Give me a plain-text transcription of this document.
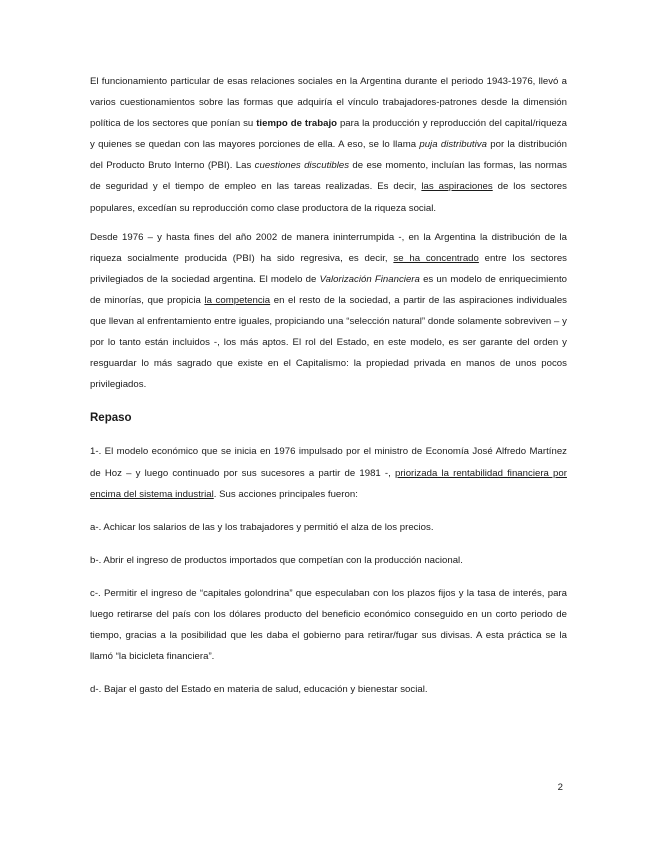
El funcionamiento particular de esas relaciones sociales en la Argentina durante el periodo 1943-1976, llevó a varios cuestionamientos sobre las formas que adquiría el vínculo trabajadores-patrones desde la dimensión política de los sectores que ponían su tiempo de trabajo para la producción y reproducción del capital/riqueza y quienes se quedan con las mayores porciones de ella. A eso, se lo llama puja distributiva por la distribución del Producto Bruto Interno (PBI). Las cuestiones discutibles de ese momento, incluían las formas, las normas de seguridad y el tiempo de empleo en las tareas realizadas. Es decir, las aspiraciones de los sectores populares, excedían su reproducción como clase productora de la riqueza social.

Desde 1976 – y hasta fines del año 2002 de manera ininterrumpida -, en la Argentina la distribución de la riqueza socialmente producida (PBI) ha sido regresiva, es decir, se ha concentrado entre los sectores privilegiados de la sociedad argentina. El modelo de Valorización Financiera es un modelo de enriquecimiento de minorías, que propicia la competencia en el resto de la sociedad, a partir de las aspiraciones individuales que llevan al enfrentamiento entre iguales, propiciando una “selección natural” donde solamente sobreviven – y por lo tanto están incluidos -, los más aptos. El rol del Estado, en este modelo, es ser garante del orden y resguardar lo más sagrado que existe en el Capitalismo: la propiedad privada en manos de unos pocos privilegiados.

Repaso

1-. El modelo económico que se inicia en 1976 impulsado por el ministro de Economía José Alfredo Martínez de Hoz – y luego continuado por sus sucesores a partir de 1981 -, priorizada la rentabilidad financiera por encima del sistema industrial. Sus acciones principales fueron:

a-. Achicar los salarios de las y los trabajadores y permitió el alza de los precios.

b-. Abrir el ingreso de productos importados que competían con la producción nacional.

c-. Permitir el ingreso de “capitales golondrina” que especulaban con los plazos fijos y la tasa de interés, para luego retirarse del país con los dólares producto del beneficio económico conseguido en un corto periodo de tiempo, gracias a la posibilidad que les daba el gobierno para retirar/fugar sus divisas. A esta práctica se la llamó “la bicicleta financiera”.

d-. Bajar el gasto del Estado en materia de salud, educación y bienestar social.

2
